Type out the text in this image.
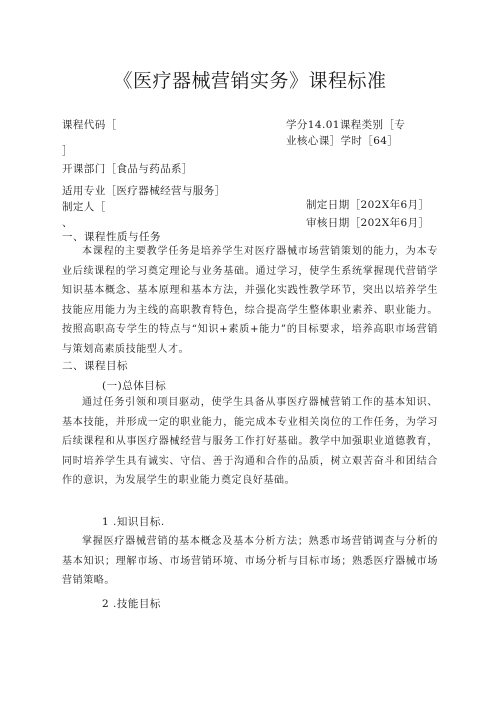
《医疗器械营销实务》课程标准
课程代码［	学分14.01课程类别［专
业核心课］学时［64］
］
开课部门［食品与药品系］
适用专业［医疗器械经营与服务］
制定人［	制定日期［202X年6月］
、	审核日期［202X年6月］
一、课程性质与任务

本课程的主要教学任务是培养学生对医疗器械市场营销策划的能力，为本专业后续课程的学习奠定理论与业务基础。通过学习，使学生系统掌握现代营销学知识基本概念、基本原理和基本方法，并强化实践性教学环节，突出以培养学生技能应用能力为主线的高职教育特色，综合提高学生整体职业素养、职业能力。按照高职高专学生的特点与“知识+素质+能力”的目标要求，培养高职市场营销与策划高素质技能型人才。

二、课程目标
(一)总体目标

通过任务引领和项目驱动，使学生具备从事医疗器械营销工作的基本知识、基本技能，并形成一定的职业能力，能完成本专业相关岗位的工作任务，为学习后续课程和从事医疗器械经营与服务工作打好基础。教学中加强职业道德教育，同时培养学生具有诚实、守信、善于沟通和合作的品质，树立艰苦奋斗和团结合作的意识，为发展学生的职业能力奠定良好基础。

1 .知识目标.

掌握医疗器械营销的基本概念及基本分析方法；熟悉市场营销调查与分析的基本知识；理解市场、市场营销环境、市场分析与目标市场；熟悉医疗器械市场营销策略。

2 .技能目标
